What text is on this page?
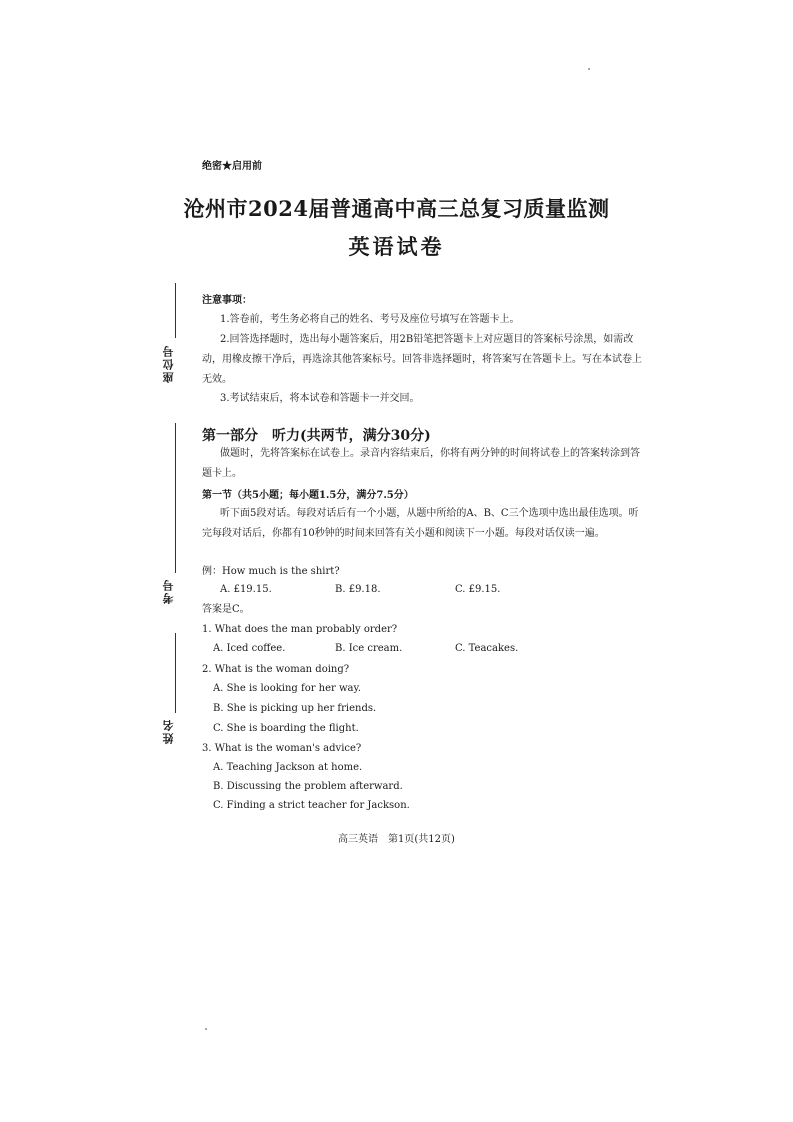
座位号
考号
姓名
绝密★启用前
沧州市2024届普通高中高三总复习质量监测
英语试卷
注意事项：
1.答卷前，考生务必将自己的姓名、考号及座位号填写在答题卡上。
2.回答选择题时，选出每小题答案后，用2B铅笔把答题卡上对应题目的答案标号涂黑，如需改动，用橡皮擦干净后，再选涂其他答案标号。回答非选择题时，将答案写在答题卡上。写在本试卷上无效。
3.考试结束后，将本试卷和答题卡一并交回。
第一部分　听力(共两节，满分30分)
做题时，先将答案标在试卷上。录音内容结束后，你将有两分钟的时间将试卷上的答案转涂到答题卡上。
第一节（共5小题；每小题1.5分，满分7.5分）
听下面5段对话。每段对话后有一个小题，从题中所给的A、B、C三个选项中选出最佳选项。听完每段对话后，你都有10秒钟的时间来回答有关小题和阅读下一小题。每段对话仅读一遍。
例：How much is the shirt?
A. £19.15.	B. £9.18.	C. £9.15.
答案是C。
1. What does the man probably order?
A. Iced coffee.	B. Ice cream.	C. Teacakes.
2. What is the woman doing?
A. She is looking for her way.
B. She is picking up her friends.
C. She is boarding the flight.
3. What is the woman's advice?
A. Teaching Jackson at home.
B. Discussing the problem afterward.
C. Finding a strict teacher for Jackson.
高三英语　第1页(共12页)
